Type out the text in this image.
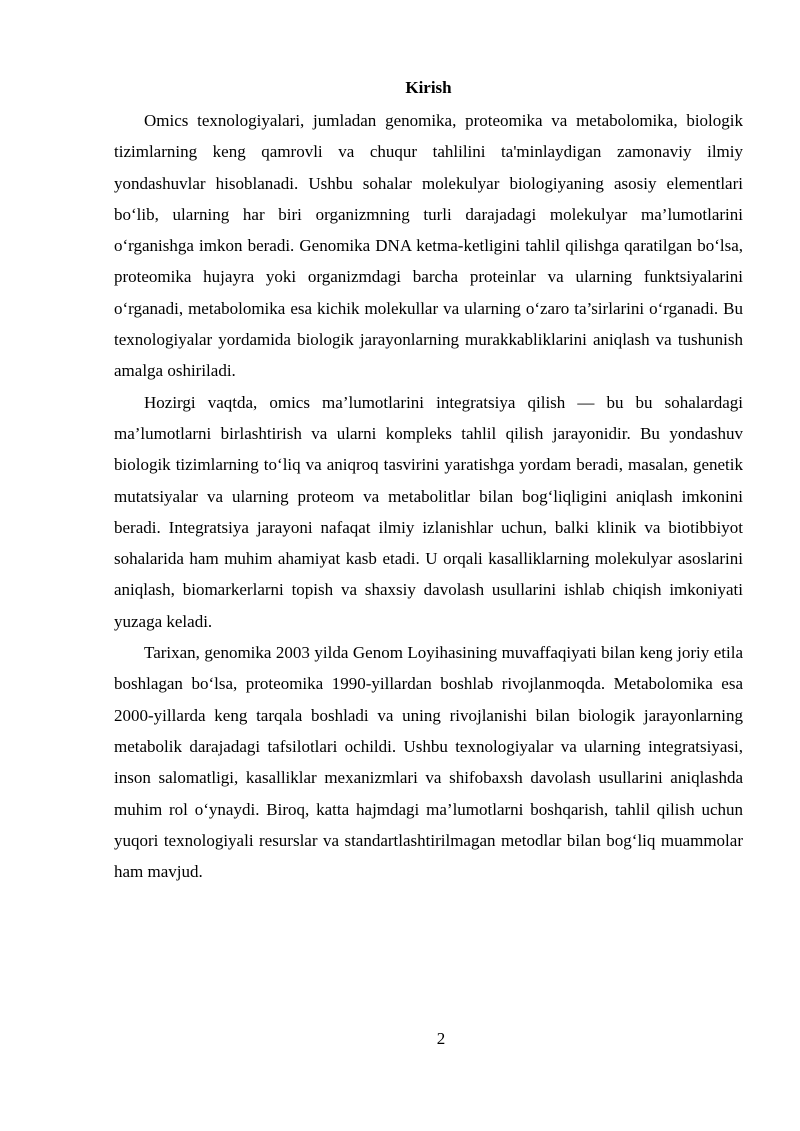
Kirish

Omics texnologiyalari, jumladan genomika, proteomika va metabolomika, biologik tizimlarning keng qamrovli va chuqur tahlilini ta'minlaydigan zamonaviy ilmiy yondashuvlar hisoblanadi. Ushbu sohalar molekulyar biologiyaning asosiy elementlari bo‘lib, ularning har biri organizmning turli darajadagi molekulyar ma’lumotlarini o‘rganishga imkon beradi. Genomika DNA ketma-ketligini tahlil qilishga qaratilgan bo‘lsa, proteomika hujayra yoki organizmdagi barcha proteinlar va ularning funktsiyalarini o‘rganadi, metabolomika esa kichik molekullar va ularning o‘zaro ta’sirlarini o‘rganadi. Bu texnologiyalar yordamida biologik jarayonlarning murakkabliklarini aniqlash va tushunish amalga oshiriladi.

Hozirgi vaqtda, omics ma’lumotlarini integratsiya qilish — bu bu sohalardagi ma’lumotlarni birlashtirish va ularni kompleks tahlil qilish jarayonidir. Bu yondashuv biologik tizimlarning to‘liq va aniqroq tasvirini yaratishga yordam beradi, masalan, genetik mutatsiyalar va ularning proteom va metabolitlar bilan bog‘liqligini aniqlash imkonini beradi. Integratsiya jarayoni nafaqat ilmiy izlanishlar uchun, balki klinik va biotibbiyot sohalarida ham muhim ahamiyat kasb etadi. U orqali kasalliklarning molekulyar asoslarini aniqlash, biomarkerlarni topish va shaxsiy davolash usullarini ishlab chiqish imkoniyati yuzaga keladi.

Tarixan, genomika 2003 yilda Genom Loyihasining muvaffaqiyati bilan keng joriy etila boshlagan bo‘lsa, proteomika 1990-yillardan boshlab rivojlanmoqda. Metabolomika esa 2000-yillarda keng tarqala boshladi va uning rivojlanishi bilan biologik jarayonlarning metabolik darajadagi tafsilotlari ochildi. Ushbu texnologiyalar va ularning integratsiyasi, inson salomatligi, kasalliklar mexanizmlari va shifobaxsh davolash usullarini aniqlashda muhim rol o‘ynaydi. Biroq, katta hajmdagi ma’lumotlarni boshqarish, tahlil qilish uchun yuqori texnologiyali resurslar va standartlashtirilmagan metodlar bilan bog‘liq muammolar ham mavjud.

2
